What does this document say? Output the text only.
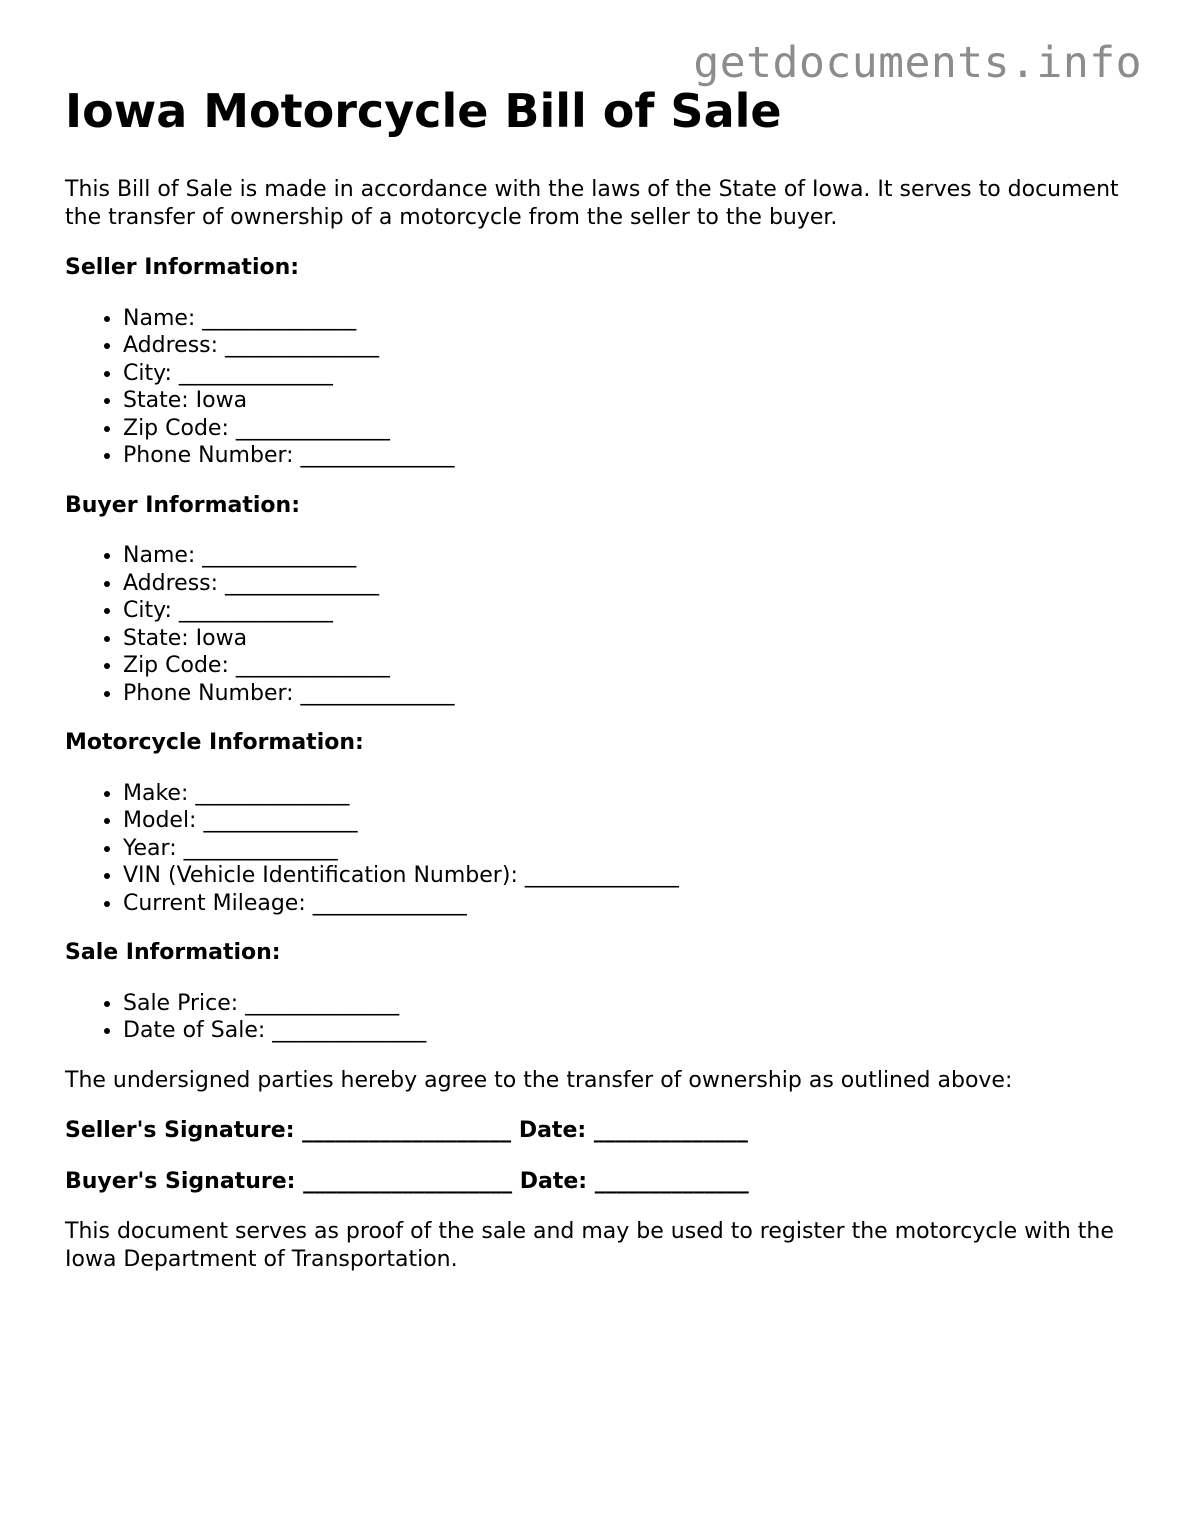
getdocuments.info
Iowa Motorcycle Bill of Sale

This Bill of Sale is made in accordance with the laws of the State of Iowa. It serves to document the transfer of ownership of a motorcycle from the seller to the buyer.

Seller Information:

• Name: ______________
• Address: ______________
• City: ______________
• State: Iowa
• Zip Code: ______________
• Phone Number: ______________

Buyer Information:

• Name: ______________
• Address: ______________
• City: ______________
• State: Iowa
• Zip Code: ______________
• Phone Number: ______________

Motorcycle Information:

• Make: ______________
• Model: ______________
• Year: ______________
• VIN (Vehicle Identification Number): ______________
• Current Mileage: ______________

Sale Information:

• Sale Price: ______________
• Date of Sale: ______________

The undersigned parties hereby agree to the transfer of ownership as outlined above:

Seller's Signature: ___________________ Date: ______________

Buyer's Signature: ___________________ Date: ______________

This document serves as proof of the sale and may be used to register the motorcycle with the Iowa Department of Transportation.
